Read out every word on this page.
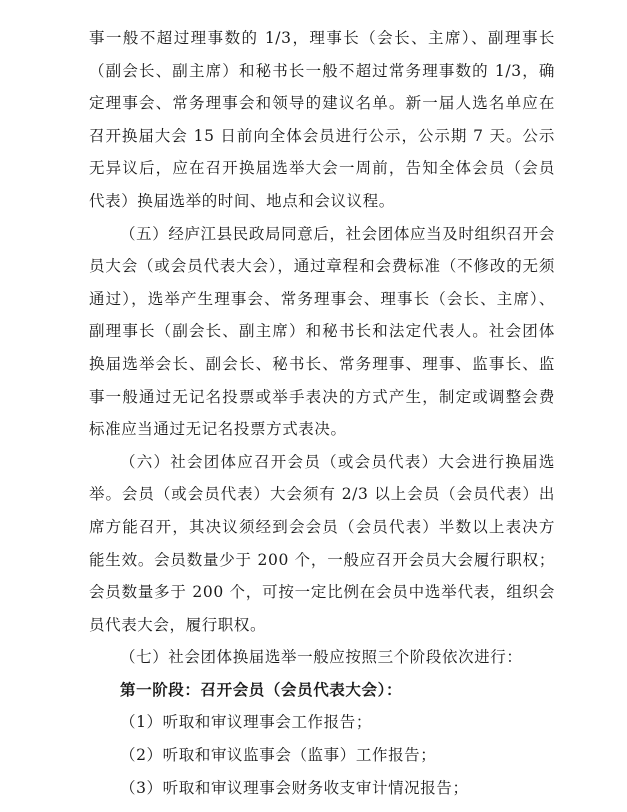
事一般不超过理事数的 1/3，理事长（会长、主席）、副理事长（副会长、副主席）和秘书长一般不超过常务理事数的 1/3，确定理事会、常务理事会和领导的建议名单。新一届人选名单应在召开换届大会 15 日前向全体会员进行公示，公示期 7 天。公示无异议后，应在召开换届选举大会一周前，告知全体会员（会员代表）换届选举的时间、地点和会议议程。

（五）经庐江县民政局同意后，社会团体应当及时组织召开会员大会（或会员代表大会），通过章程和会费标准（不修改的无须通过），选举产生理事会、常务理事会、理事长（会长、主席）、副理事长（副会长、副主席）和秘书长和法定代表人。社会团体换届选举会长、副会长、秘书长、常务理事、理事、监事长、监事一般通过无记名投票或举手表决的方式产生，制定或调整会费标准应当通过无记名投票方式表决。

（六）社会团体应召开会员（或会员代表）大会进行换届选举。会员（或会员代表）大会须有 2/3 以上会员（会员代表）出席方能召开，其决议须经到会会员（会员代表）半数以上表决方能生效。会员数量少于 200 个，一般应召开会员大会履行职权；会员数量多于 200 个，可按一定比例在会员中选举代表，组织会员代表大会，履行职权。

（七）社会团体换届选举一般应按照三个阶段依次进行：

第一阶段：召开会员（会员代表大会）：

（1）听取和审议理事会工作报告；

（2）听取和审议监事会（监事）工作报告；

（3）听取和审议理事会财务收支审计情况报告；
